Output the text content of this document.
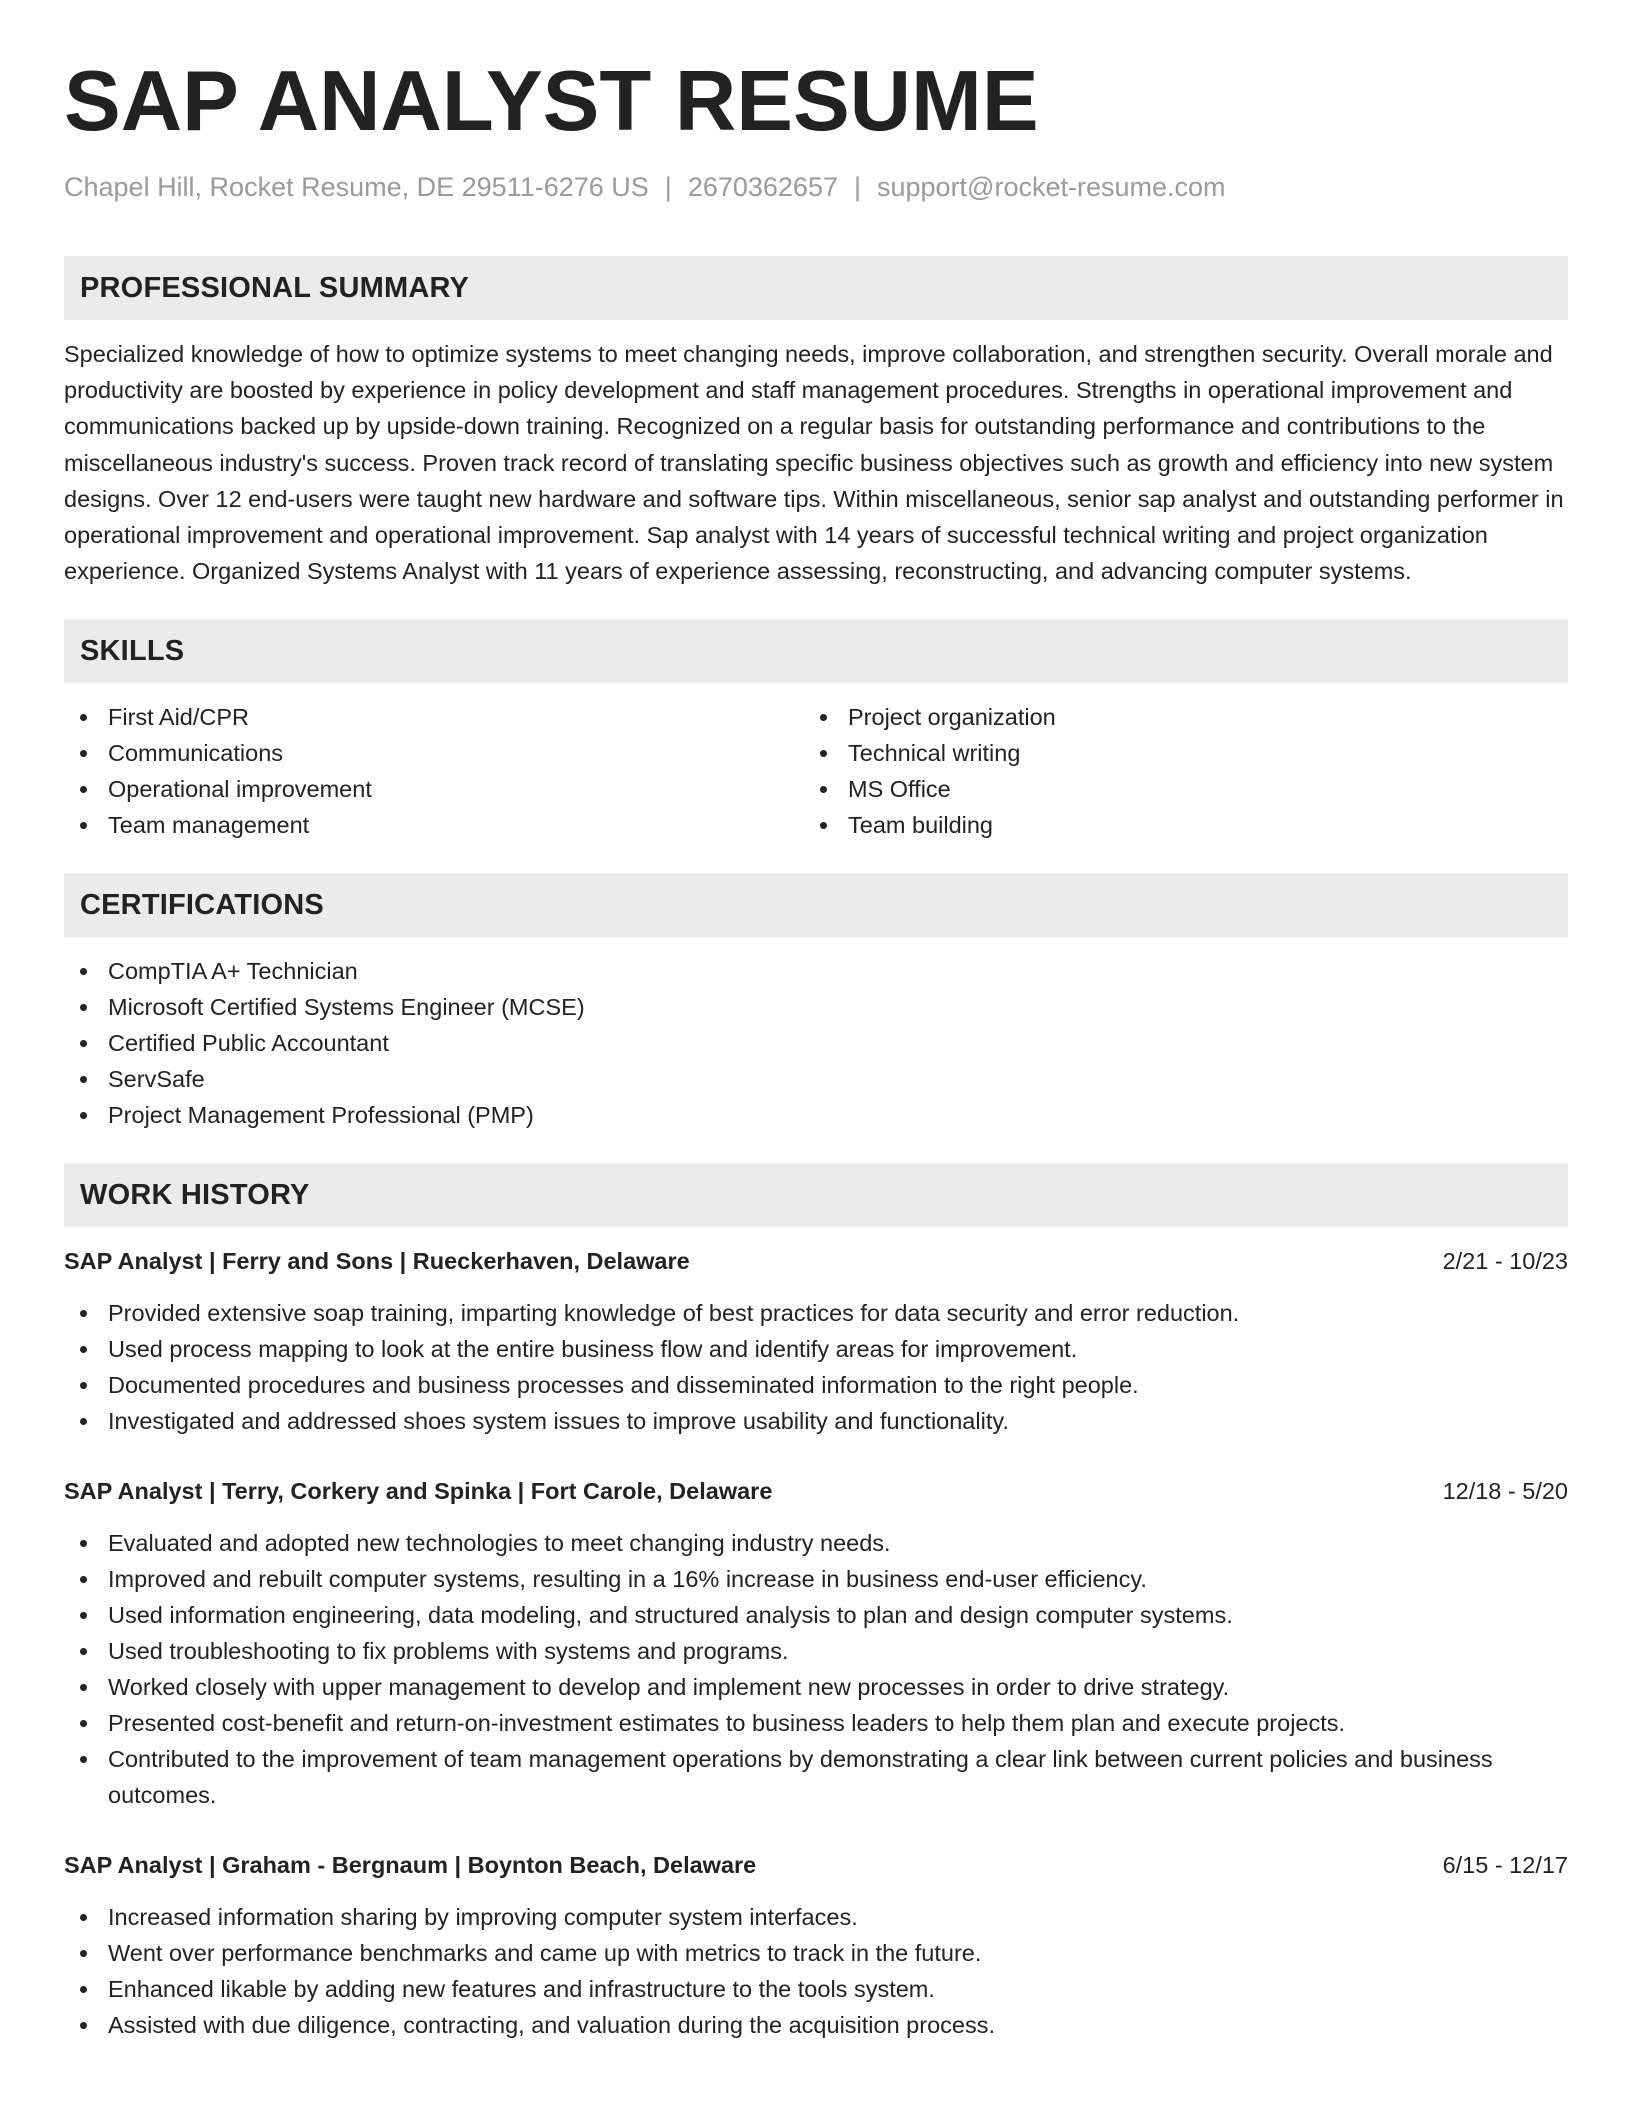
SAP ANALYST RESUME
Chapel Hill, Rocket Resume, DE 29511-6276 US | 2670362657 | support@rocket-resume.com
PROFESSIONAL SUMMARY
Specialized knowledge of how to optimize systems to meet changing needs, improve collaboration, and strengthen security. Overall morale and productivity are boosted by experience in policy development and staff management procedures. Strengths in operational improvement and communications backed up by upside-down training. Recognized on a regular basis for outstanding performance and contributions to the miscellaneous industry's success. Proven track record of translating specific business objectives such as growth and efficiency into new system designs. Over 12 end-users were taught new hardware and software tips. Within miscellaneous, senior sap analyst and outstanding performer in operational improvement and operational improvement. Sap analyst with 14 years of successful technical writing and project organization experience. Organized Systems Analyst with 11 years of experience assessing, reconstructing, and advancing computer systems.
SKILLS
First Aid/CPR
Communications
Operational improvement
Team management
Project organization
Technical writing
MS Office
Team building
CERTIFICATIONS
CompTIA A+ Technician
Microsoft Certified Systems Engineer (MCSE)
Certified Public Accountant
ServSafe
Project Management Professional (PMP)
WORK HISTORY
SAP Analyst | Ferry and Sons | Rueckerhaven, Delaware	2/21 - 10/23
Provided extensive soap training, imparting knowledge of best practices for data security and error reduction.
Used process mapping to look at the entire business flow and identify areas for improvement.
Documented procedures and business processes and disseminated information to the right people.
Investigated and addressed shoes system issues to improve usability and functionality.
SAP Analyst | Terry, Corkery and Spinka | Fort Carole, Delaware	12/18 - 5/20
Evaluated and adopted new technologies to meet changing industry needs.
Improved and rebuilt computer systems, resulting in a 16% increase in business end-user efficiency.
Used information engineering, data modeling, and structured analysis to plan and design computer systems.
Used troubleshooting to fix problems with systems and programs.
Worked closely with upper management to develop and implement new processes in order to drive strategy.
Presented cost-benefit and return-on-investment estimates to business leaders to help them plan and execute projects.
Contributed to the improvement of team management operations by demonstrating a clear link between current policies and business outcomes.
SAP Analyst | Graham - Bergnaum | Boynton Beach, Delaware	6/15 - 12/17
Increased information sharing by improving computer system interfaces.
Went over performance benchmarks and came up with metrics to track in the future.
Enhanced likable by adding new features and infrastructure to the tools system.
Assisted with due diligence, contracting, and valuation during the acquisition process.
